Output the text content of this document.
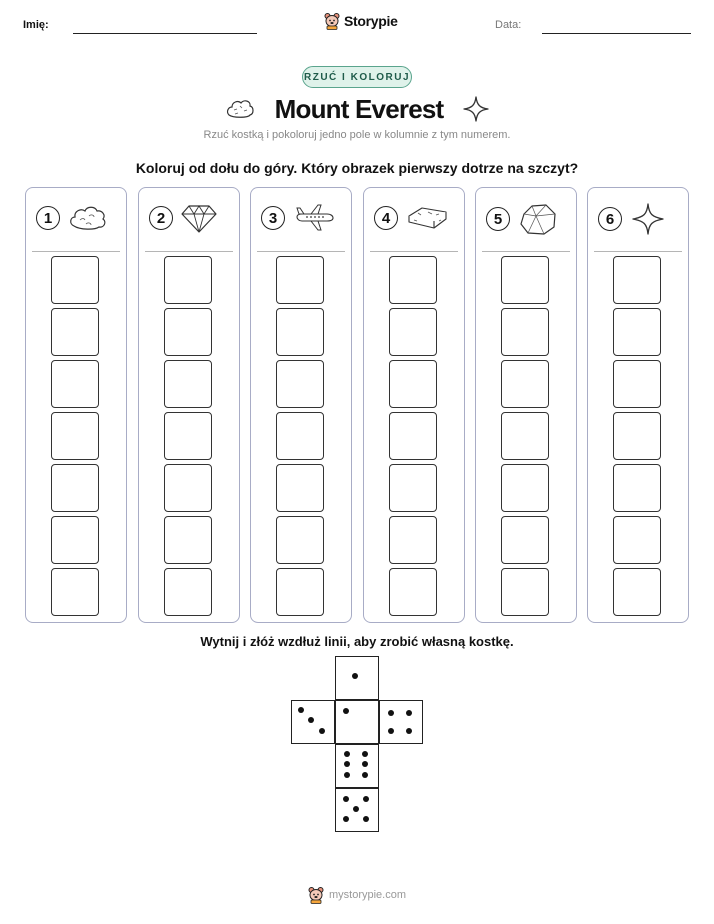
Imię:	Storypie	Data:
RZUĆ I KOLORUJ
Mount Everest
Rzuć kostką i pokoloruj jedno pole w kolumnie z tym numerem.
Koloruj od dołu do góry. Który obrazek pierwszy dotrze na szczyt?
1	2	3	4	5	6
Wytnij i złóż wzdłuż linii, aby zrobić własną kostkę.
mystorypie.com
